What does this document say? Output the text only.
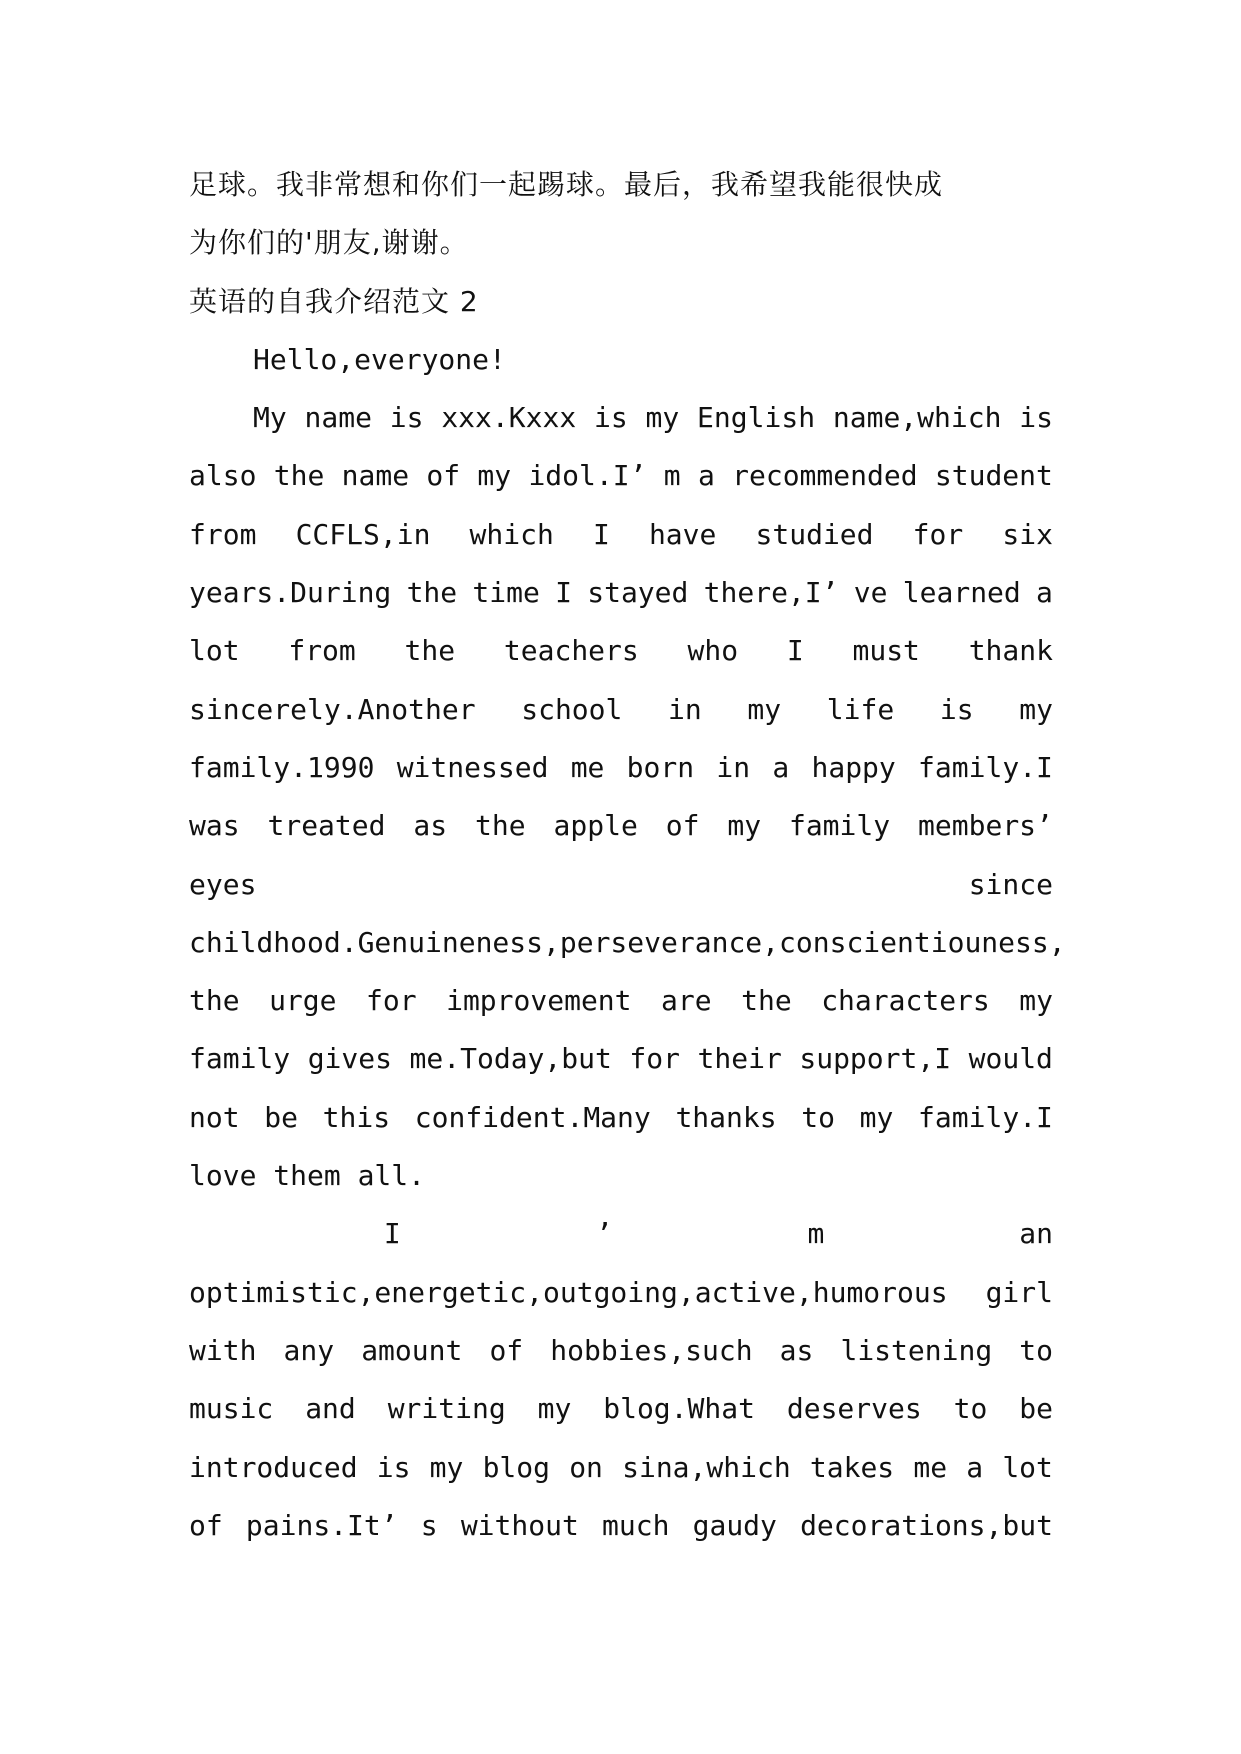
足球。我非常想和你们一起踢球。最后，我希望我能很快成
为你们的'朋友,谢谢。
英语的自我介绍范文 2
Hello,everyone!
My name is xxx.Kxxx is my English name,which is
also the name of my idol.I’ m a recommended student
from CCFLS,in which I have studied for six
years.During the time I stayed there,I’ ve learned a
lot from the teachers who I must thank
sincerely.Another school in my life is my
family.1990 witnessed me born in a happy family.I
was treated as the apple of my family members’
eyes	since
childhood.Genuineness,perseverance,conscientiouness,
the urge for improvement are the characters my
family gives me.Today,but for their support,I would
not be this confident.Many thanks to my family.I
love them all.
I	’	m	an
optimistic,energetic,outgoing,active,humorous girl
with any amount of hobbies,such as listening to
music and writing my blog.What deserves to be
introduced is my blog on sina,which takes me a lot
of pains.It’ s without much gaudy decorations,but
